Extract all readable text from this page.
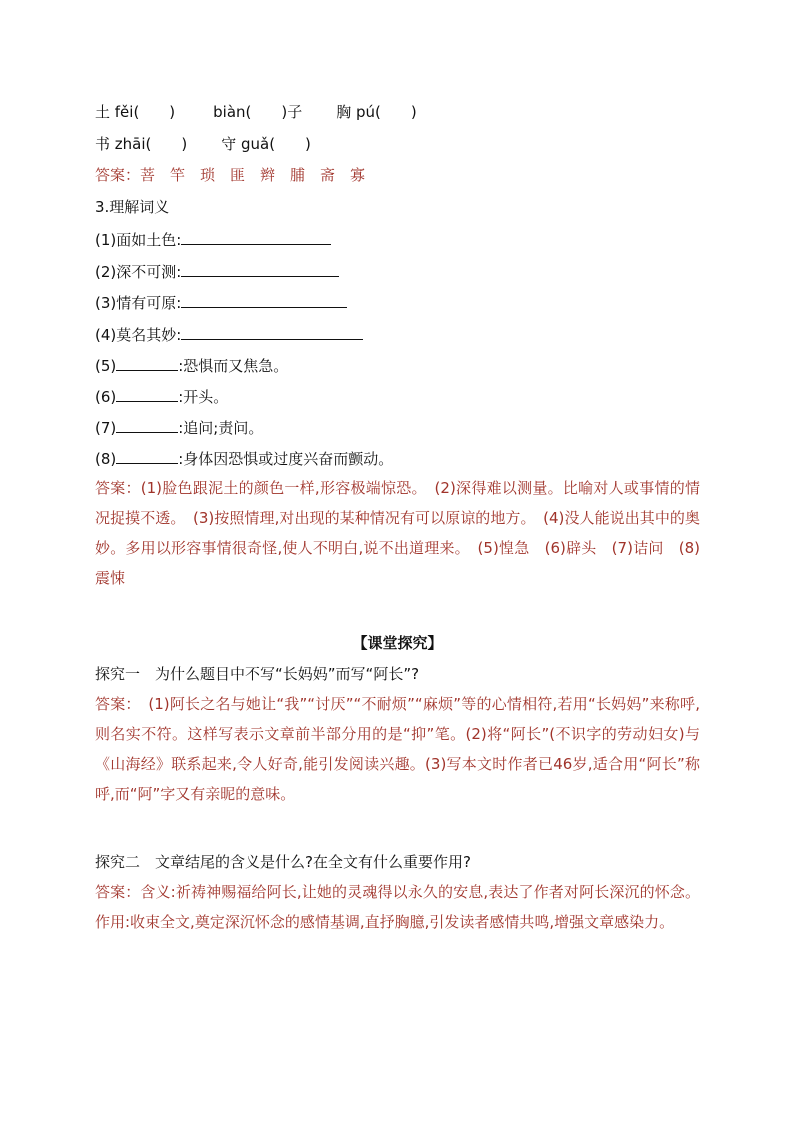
土 fěi(　　)	biàn(　　)子 胸 pú(　　)
书 zhāi(　　) 守 guǎ(　　)
答案：菩　竿　琐　匪　辫　脯　斋　寡
3.理解词义
(1)面如土色:
(2)深不可测:
(3)情有可原:
(4)莫名其妙:
(5)	:恐惧而又焦急。
(6)	:开头。
(7)	:追问;责问。
(8)	:身体因恐惧或过度兴奋而颤动。
答案：(1)脸色跟泥土的颜色一样,形容极端惊恐。　(2)深得难以测量。比喻对人或事情的情况捉摸不透。　(3)按照情理,对出现的某种情况有可以原谅的地方。　(4)没人能说出其中的奥妙。多用以形容事情很奇怪,使人不明白,说不出道理来。　(5)惶急　(6)辟头　(7)诘问　(8)震悚
【课堂探究】
探究一　为什么题目中不写“长妈妈”而写“阿长”?
答案：　(1)阿长之名与她让“我”“讨厌”“不耐烦”“麻烦”等的心情相符,若用“长妈妈”来称呼,则名实不符。这样写表示文章前半部分用的是“抑”笔。(2)将“阿长”(不识字的劳动妇女)与《山海经》联系起来,令人好奇,能引发阅读兴趣。(3)写本文时作者已46岁,适合用“阿长”称呼,而“阿”字又有亲昵的意味。
探究二　文章结尾的含义是什么?在全文有什么重要作用?
答案：含义:祈祷神赐福给阿长,让她的灵魂得以永久的安息,表达了作者对阿长深沉的怀念。作用:收束全文,奠定深沉怀念的感情基调,直抒胸臆,引发读者感情共鸣,增强文章感染力。
